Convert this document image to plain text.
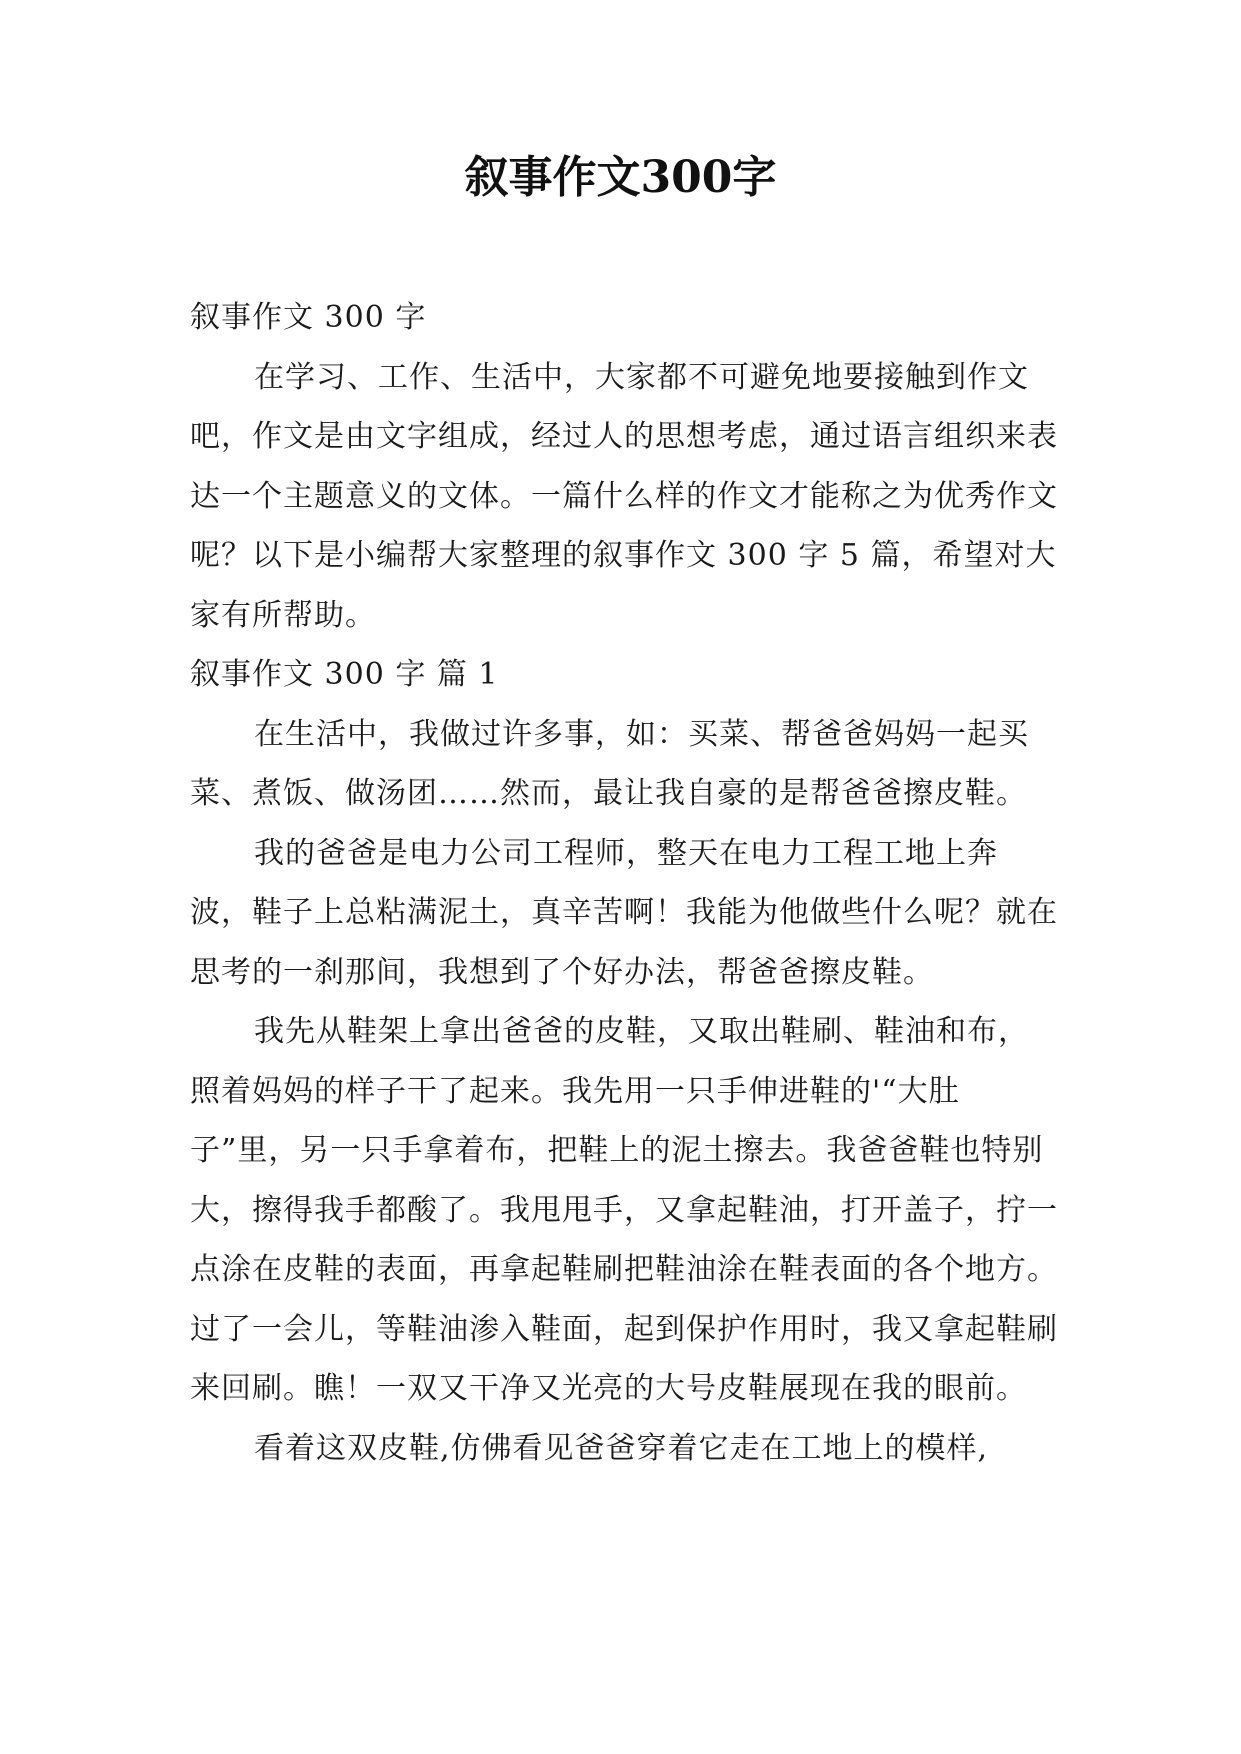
叙事作文300字

叙事作文 300 字

在学习、工作、生活中，大家都不可避免地要接触到作文吧，作文是由文字组成，经过人的思想考虑，通过语言组织来表达一个主题意义的文体。一篇什么样的作文才能称之为优秀作文呢？以下是小编帮大家整理的叙事作文 300 字 5 篇，希望对大家有所帮助。

叙事作文 300 字 篇 1

在生活中，我做过许多事，如：买菜、帮爸爸妈妈一起买菜、煮饭、做汤团……然而，最让我自豪的是帮爸爸擦皮鞋。

我的爸爸是电力公司工程师，整天在电力工程工地上奔波，鞋子上总粘满泥土，真辛苦啊！我能为他做些什么呢？就在思考的一刹那间，我想到了个好办法，帮爸爸擦皮鞋。

我先从鞋架上拿出爸爸的皮鞋，又取出鞋刷、鞋油和布，照着妈妈的样子干了起来。我先用一只手伸进鞋的'“大肚子”里，另一只手拿着布，把鞋上的泥土擦去。我爸爸鞋也特别大，擦得我手都酸了。我甩甩手，又拿起鞋油，打开盖子，拧一点涂在皮鞋的表面，再拿起鞋刷把鞋油涂在鞋表面的各个地方。过了一会儿，等鞋油渗入鞋面，起到保护作用时，我又拿起鞋刷来回刷。瞧！一双又干净又光亮的大号皮鞋展现在我的眼前。

看着这双皮鞋,仿佛看见爸爸穿着它走在工地上的模样,
